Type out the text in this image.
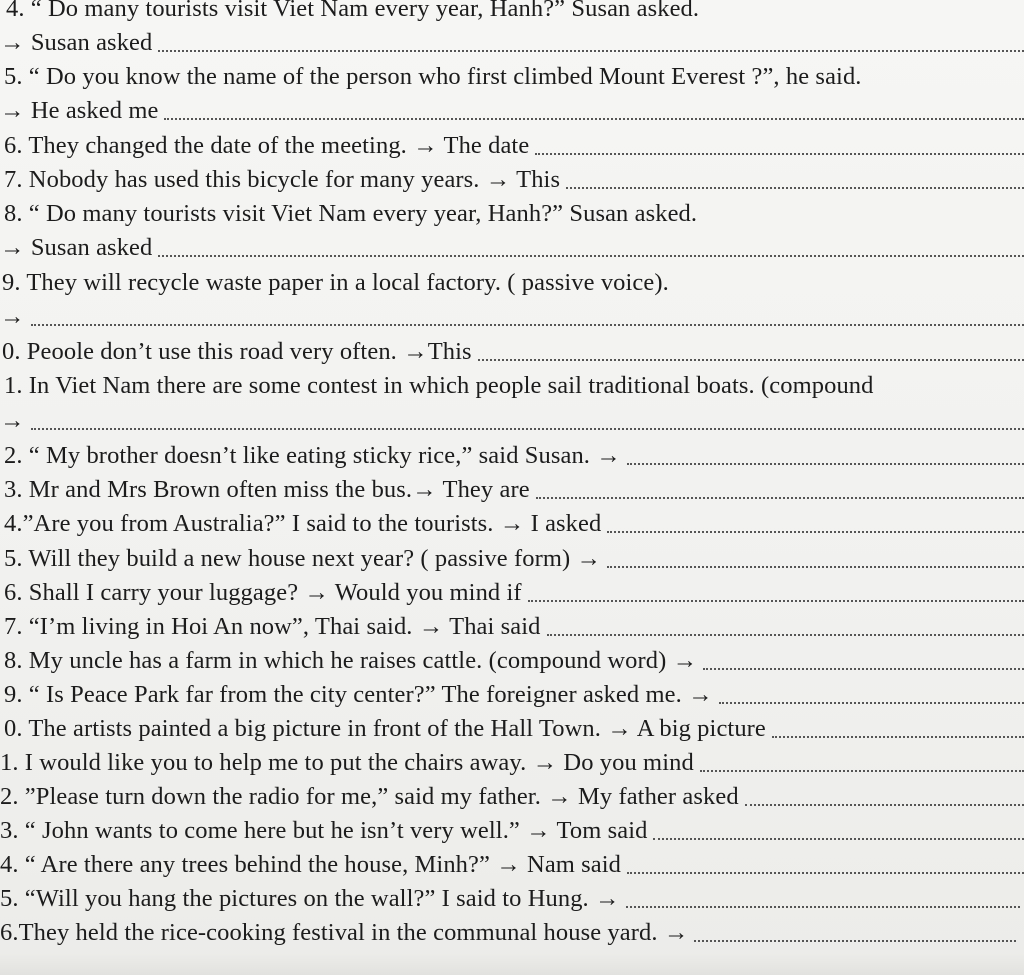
4. “ Do many tourists visit Viet Nam every year, Hanh?” Susan asked.
→ Susan asked
5. “ Do you know the name of the person who first climbed Mount Everest ?”, he said.
→ He asked me
6. They changed the date of the meeting. → The date
7. Nobody has used this bicycle for many years. → This
8. “ Do many tourists visit Viet Nam every year, Hanh?” Susan asked.
→ Susan asked
9. They will recycle waste paper in a local factory. ( passive voice).
→
0. Peoole don’t use this road very often. →This
1. In Viet Nam there are some contest in which people sail traditional boats. (compound
→
2. “ My brother doesn’t like eating sticky rice,” said Susan. →
3. Mr and Mrs Brown often miss the bus.→ They are
4.”Are you from Australia?” I said to the tourists. → I asked
5. Will they build a new house next year? ( passive form) →
6. Shall I carry your luggage? → Would you mind if
7. “I’m living in Hoi An now”, Thai said. → Thai said
8. My uncle has a farm in which he raises cattle. (compound word) →
9. “ Is Peace Park far from the city center?” The foreigner asked me. →
0. The artists painted a big picture in front of the Hall Town. → A big picture
1. I would like you to help me to put the chairs away. → Do you mind
2. ”Please turn down the radio for me,” said my father. → My father asked
3. “ John wants to come here but he isn’t very well.” → Tom said
4. “ Are there any trees behind the house, Minh?” → Nam said
5. “Will you hang the pictures on the wall?” I said to Hung. →
6.They held the rice-cooking festival in the communal house yard. →
